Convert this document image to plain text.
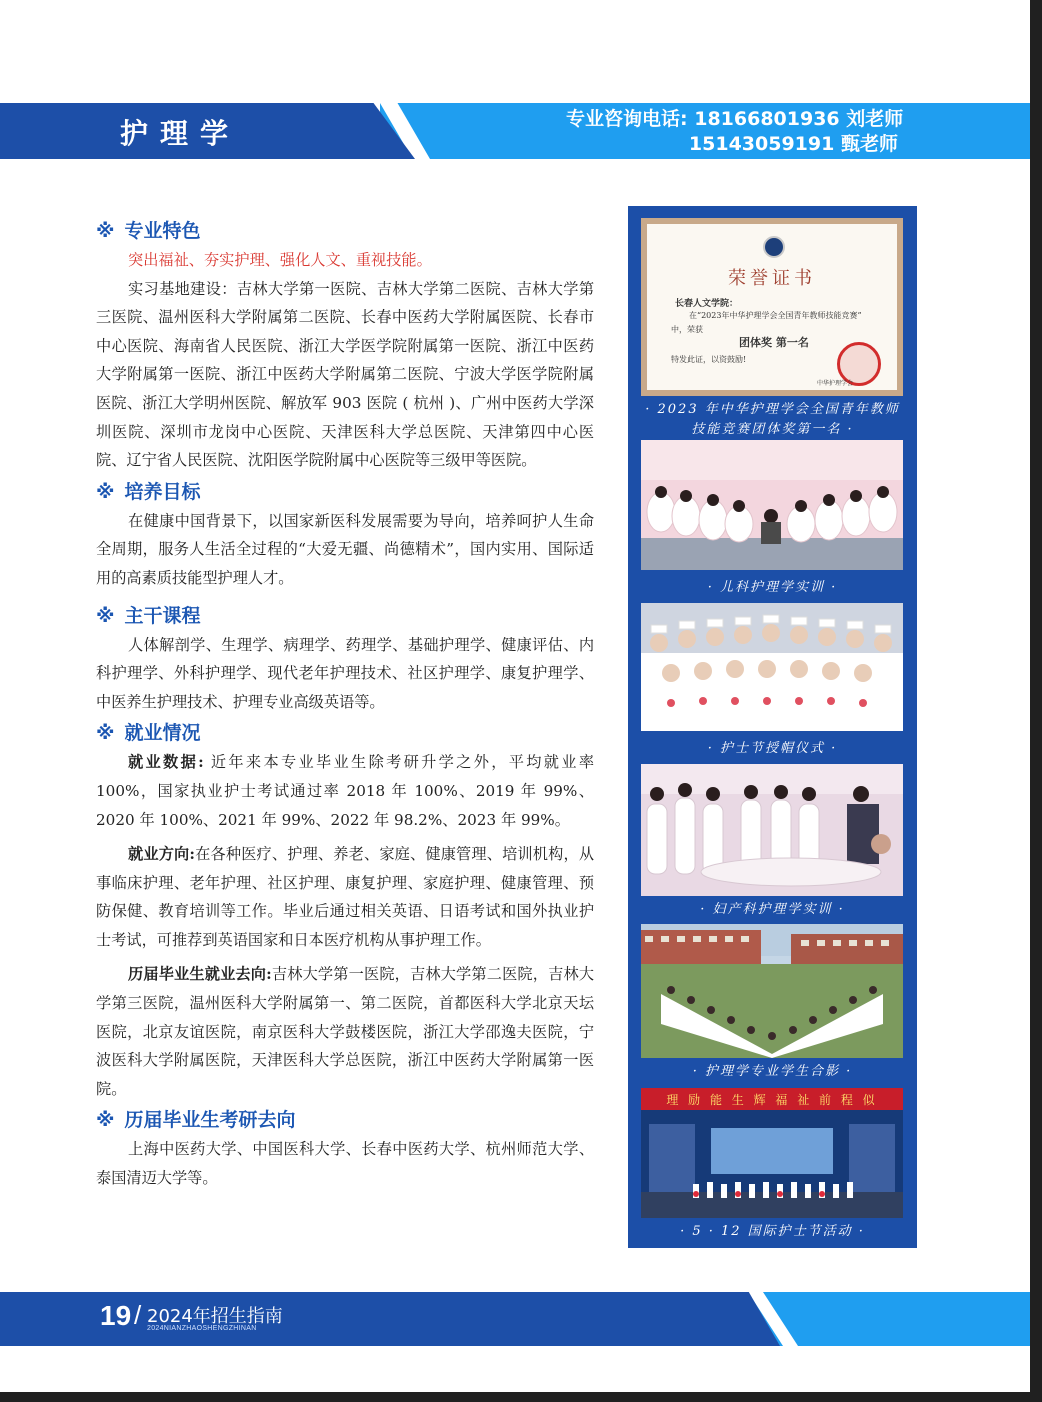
护理学	专业咨询电话: 18166801936 刘老师
15143059191 甄老师
※ 专业特色

突出福祉、夯实护理、强化人文、重视技能。

实习基地建设：吉林大学第一医院、吉林大学第二医院、吉林大学第三医院、温州医科大学附属第二医院、长春中医药大学附属医院、长春市中心医院、海南省人民医院、浙江大学医学院附属第一医院、浙江中医药大学附属第一医院、浙江中医药大学附属第二医院、宁波大学医学院附属医院、浙江大学明州医院、解放军 903 医院 ( 杭州 )、广州中医药大学深圳医院、深圳市龙岗中心医院、天津医科大学总医院、天津第四中心医院、辽宁省人民医院、沈阳医学院附属中心医院等三级甲等医院。

※ 培养目标

在健康中国背景下，以国家新医科发展需要为导向，培养呵护人生命全周期，服务人生活全过程的“大爱无疆、尚德精术”，国内实用、国际适用的高素质技能型护理人才。

※ 主干课程

人体解剖学、生理学、病理学、药理学、基础护理学、健康评估、内科护理学、外科护理学、现代老年护理技术、社区护理学、康复护理学、中医养生护理技术、护理专业高级英语等。

※ 就业情况

就业数据: 近年来本专业毕业生除考研升学之外，平均就业率 100%，国家执业护士考试通过率 2018 年 100%、2019 年 99%、2020 年 100%、2021 年 99%、2022 年 98.2%、2023 年 99%。

就业方向:在各种医疗、护理、养老、家庭、健康管理、培训机构，从事临床护理、老年护理、社区护理、康复护理、家庭护理、健康管理、预防保健、教育培训等工作。毕业后通过相关英语、日语考试和国外执业护士考试，可推荐到英语国家和日本医疗机构从事护理工作。

历届毕业生就业去向:吉林大学第一医院，吉林大学第二医院，吉林大学第三医院，温州医科大学附属第一、第二医院，首都医科大学北京天坛医院，北京友谊医院，南京医科大学鼓楼医院，浙江大学邵逸夫医院，宁波医科大学附属医院，天津医科大学总医院，浙江中医药大学附属第一医院。

※ 历届毕业生考研去向

上海中医药大学、中国医科大学、长春中医药大学、杭州师范大学、泰国清迈大学等。

荣誉证书
长春人文学院：
在“2023年中华护理学会全国青年教师技能竞赛”
中，荣获
团体奖 第一名
特发此证，以资鼓励!
中华护理学会
· 2023 年中华护理学会全国青年教师
技能竞赛团体奖第一名 ·
· 儿科护理学实训 ·
· 护士节授帽仪式 ·
· 妇产科护理学实训 ·
· 护理学专业学生合影 ·
理 励 能 生 辉 福 祉 前 程 似
· 5 · 12 国际护士节活动 ·
19 / 2024年招生指南
2024NIANZHAOSHENGZHINAN
